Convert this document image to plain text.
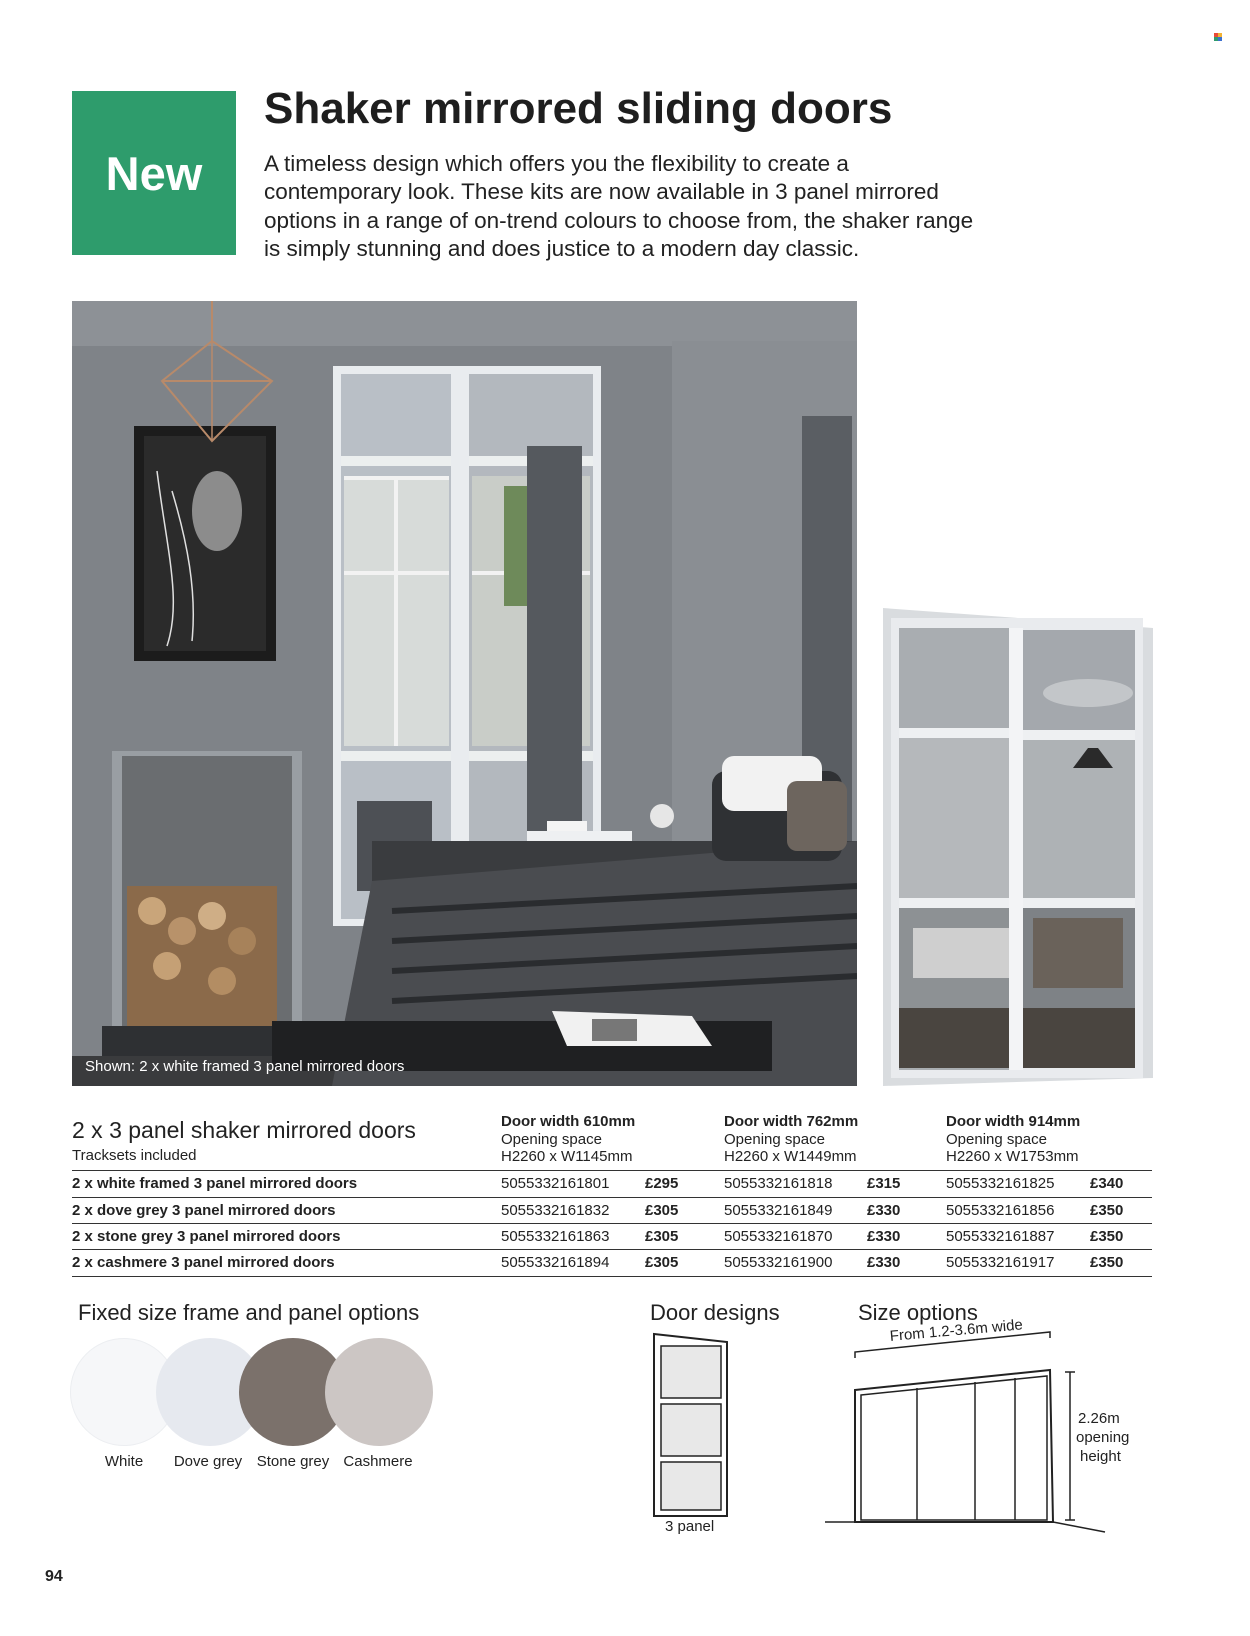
New
Shaker mirrored sliding doors

A timeless design which offers you the flexibility to create a contemporary look. These kits are now available in 3 panel mirrored options in a range of on-trend colours to choose from, the shaker range is simply stunning and does justice to a modern day classic.

Shown: 2 x white framed 3 panel mirrored doors
2 x 3 panel shaker mirrored doors
Tracksets included
Door width 610mm
Opening space
H2260 x W1145mm
Door width 762mm
Opening space
H2260 x W1449mm
Door width 914mm
Opening space
H2260 x W1753mm
2 x white framed 3 panel mirrored doors	5055332161801 £295	5055332161818 £315	5055332161825 £340
2 x dove grey 3 panel mirrored doors	5055332161832 £305	5055332161849 £330	5055332161856 £350
2 x stone grey 3 panel mirrored doors	5055332161863 £305	5055332161870 £330	5055332161887 £350
2 x cashmere 3 panel mirrored doors	5055332161894 £305	5055332161900 £330	5055332161917 £350
Fixed size frame and panel options
White	Dove grey Stone grey Cashmere
Door designs
3 panel
Size options
From 1.2-3.6m wide
2.26m
opening
height
94
